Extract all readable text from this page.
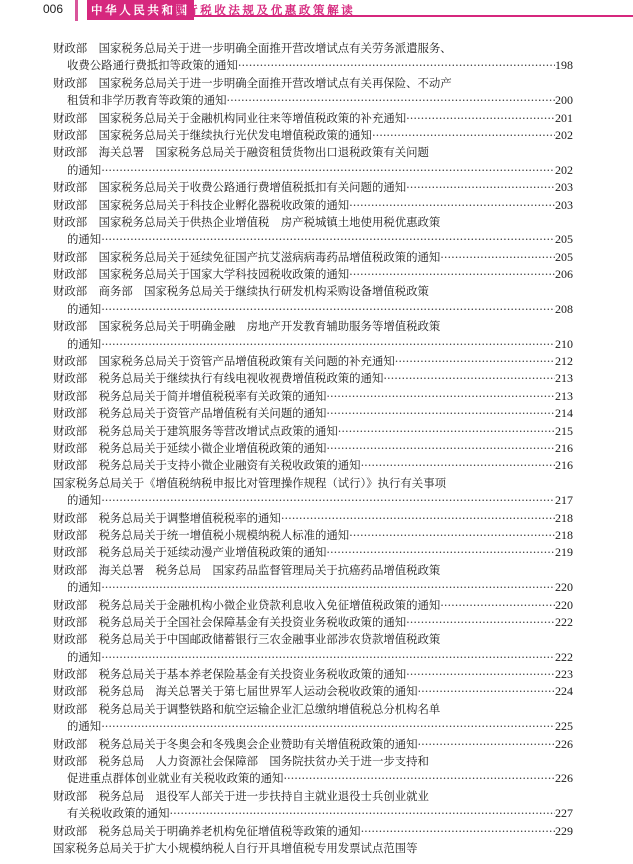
006	中华人民共和国
现行税收法规及优惠政策解读
财政部　国家税务总局关于进一步明确全面推开营改增试点有关劳务派遣服务、
收费公路通行费抵扣等政策的通知 ·····	198
财政部　国家税务总局关于进一步明确全面推开营改增试点有关再保险、不动产
租赁和非学历教育等政策的通知 ·····	200
财政部　国家税务总局关于金融机构同业往来等增值税政策的补充通知 ·····	201
财政部　国家税务总局关于继续执行光伏发电增值税政策的通知 ·····	202
财政部　海关总署　国家税务总局关于融资租赁货物出口退税政策有关问题
的通知 ·····	202
财政部　国家税务总局关于收费公路通行费增值税抵扣有关问题的通知 ·····	203
财政部　国家税务总局关于科技企业孵化器税收政策的通知 ·····	203
财政部　国家税务总局关于供热企业增值税　房产税城镇土地使用税优惠政策
的通知 ·····	205
财政部　国家税务总局关于延续免征国产抗艾滋病病毒药品增值税政策的通知 ·····	205
财政部　国家税务总局关于国家大学科技园税收政策的通知 ·····	206
财政部　商务部　国家税务总局关于继续执行研发机构采购设备增值税政策
的通知 ·····	208
财政部　国家税务总局关于明确金融　房地产开发教育辅助服务等增值税政策
的通知 ·····	210
财政部　国家税务总局关于资管产品增值税政策有关问题的补充通知 ·····	212
财政部　税务总局关于继续执行有线电视收视费增值税政策的通知 ·····	213
财政部　税务总局关于简并增值税税率有关政策的通知 ·····	213
财政部　税务总局关于资管产品增值税有关问题的通知 ·····	214
财政部　税务总局关于建筑服务等营改增试点政策的通知 ·····	215
财政部　税务总局关于延续小微企业增值税政策的通知 ·····	216
财政部　税务总局关于支持小微企业融资有关税收政策的通知 ·····	216
国家税务总局关于《增值税纳税申报比对管理操作规程（试行）》执行有关事项
的通知 ·····	217
财政部　税务总局关于调整增值税税率的通知 ·····	218
财政部　税务总局关于统一增值税小规模纳税人标准的通知 ·····	218
财政部　税务总局关于延续动漫产业增值税政策的通知 ·····	219
财政部　海关总署　税务总局　国家药品监督管理局关于抗癌药品增值税政策
的通知 ·····	220
财政部　税务总局关于金融机构小微企业贷款利息收入免征增值税政策的通知 ·····	220
财政部　税务总局关于全国社会保障基金有关投资业务税收政策的通知 ·····	222
财政部　税务总局关于中国邮政储蓄银行三农金融事业部涉农贷款增值税政策
的通知 ·····	222
财政部　税务总局关于基本养老保险基金有关投资业务税收政策的通知 ·····	223
财政部　税务总局　海关总署关于第七届世界军人运动会税收政策的通知 ·····	224
财政部　税务总局关于调整铁路和航空运输企业汇总缴纳增值税总分机构名单
的通知 ·····	225
财政部　税务总局关于冬奥会和冬残奥会企业赞助有关增值税政策的通知 ·····	226
财政部　税务总局　人力资源社会保障部　国务院扶贫办关于进一步支持和
促进重点群体创业就业有关税收政策的通知 ·····	226
财政部　税务总局　退役军人部关于进一步扶持自主就业退役士兵创业就业
有关税收政策的通知 ·····	227
财政部　税务总局关于明确养老机构免征增值税等政策的通知 ·····	229
国家税务总局关于扩大小规模纳税人自行开具增值税专用发票试点范围等
